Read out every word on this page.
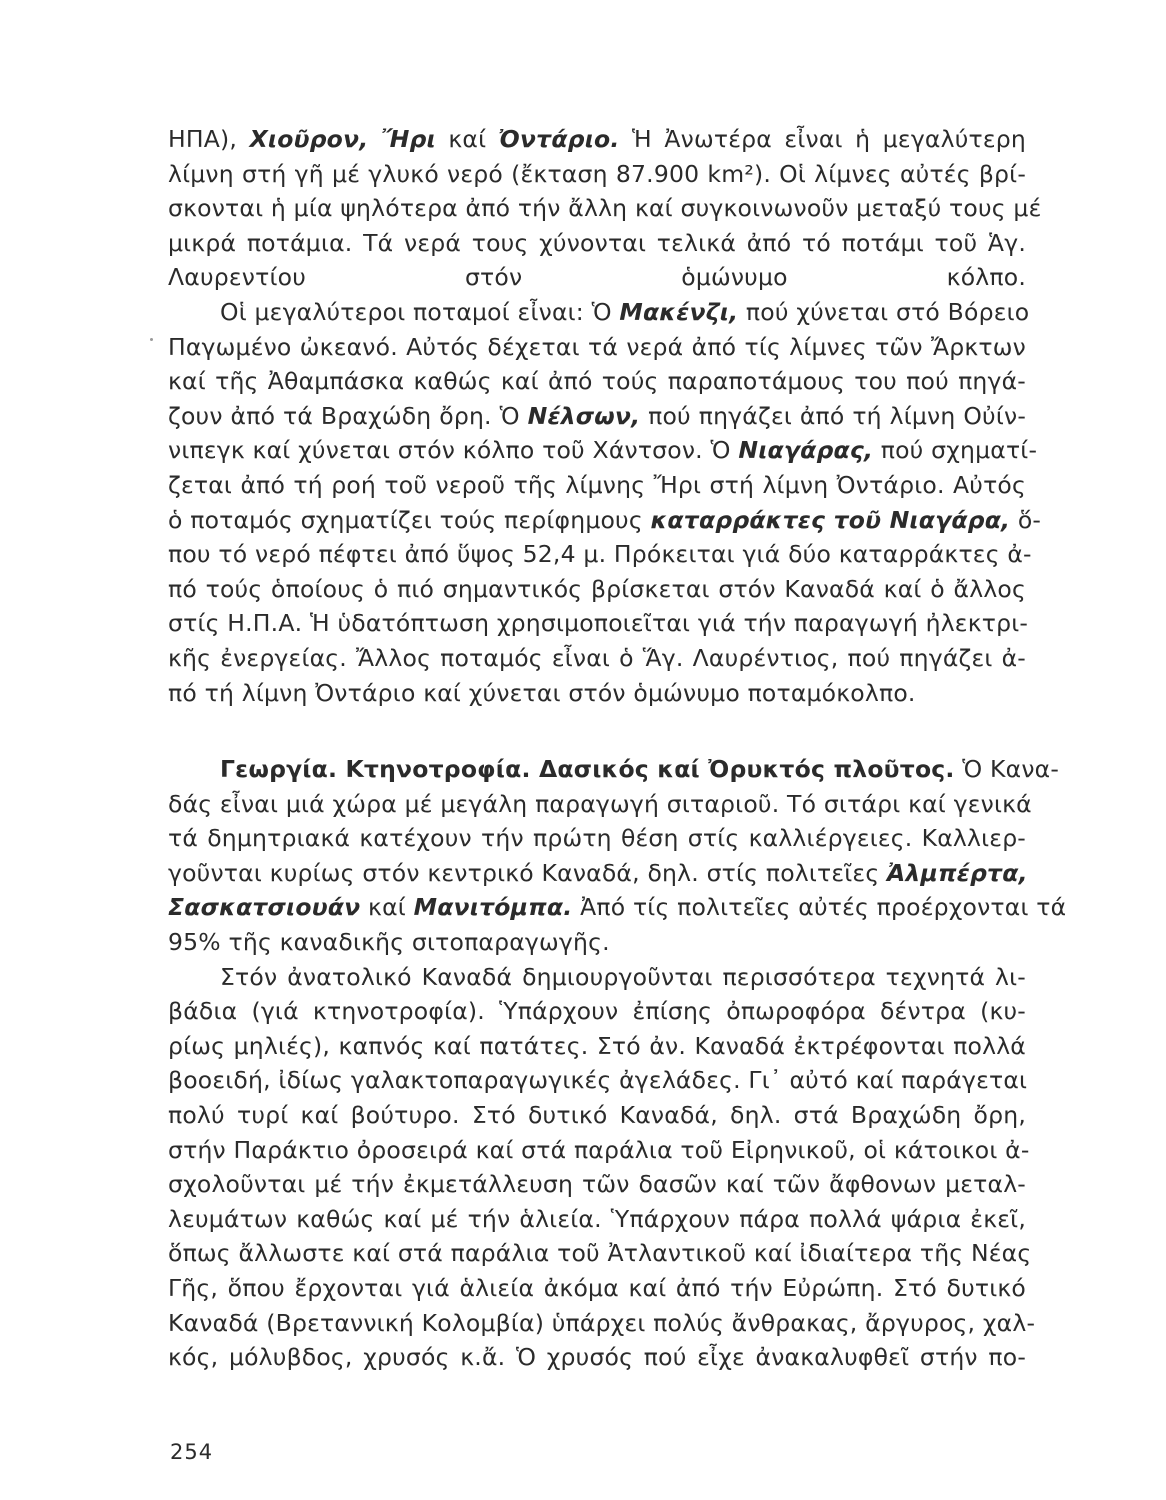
ΗΠΑ), Χιοῦρον, Ἤρι καί Ὀντάριο. Ἡ Ἀνωτέρα εἶναι ἡ μεγαλύτερη
λίμνη στή γῆ μέ γλυκό νερό (ἔκταση 87.900 km²). Οἱ λίμνες αὐτές βρί-
σκονται ἡ μία ψηλότερα ἀπό τήν ἄλλη καί συγκοινωνοῦν μεταξύ τους μέ
μικρά ποτάμια. Τά νερά τους χύνονται τελικά ἀπό τό ποτάμι τοῦ Ἁγ.
Λαυρεντίου στόν ὁμώνυμο κόλπο.

Οἱ μεγαλύτεροι ποταμοί εἶναι: Ὁ Μακένζι, πού χύνεται στό Βόρειο
Παγωμένο ὠκεανό. Αὐτός δέχεται τά νερά ἀπό τίς λίμνες τῶν Ἄρκτων
καί τῆς Ἀθαμπάσκα καθώς καί ἀπό τούς παραποτάμους του πού πηγά-
ζουν ἀπό τά Βραχώδη ὄρη. Ὁ Νέλσων, πού πηγάζει ἀπό τή λίμνη Οὐίν-
νιπεγκ καί χύνεται στόν κόλπο τοῦ Χάντσον. Ὁ Νιαγάρας, πού σχηματί-
ζεται ἀπό τή ροή τοῦ νεροῦ τῆς λίμνης Ἤρι στή λίμνη Ὀντάριο. Αὐτός
ὁ ποταμός σχηματίζει τούς περίφημους καταρράκτες τοῦ Νιαγάρα, ὅ-
που τό νερό πέφτει ἀπό ὕψος 52,4 μ. Πρόκειται γιά δύο καταρράκτες ἀ-
πό τούς ὁποίους ὁ πιό σημαντικός βρίσκεται στόν Καναδά καί ὁ ἄλλος
στίς Η.Π.Α. Ἡ ὑδατόπτωση χρησιμοποιεῖται γιά τήν παραγωγή ἠλεκτρι-
κῆς ἐνεργείας. Ἄλλος ποταμός εἶναι ὁ Ἅγ. Λαυρέντιος, πού πηγάζει ἀ-
πό τή λίμνη Ὀντάριο καί χύνεται στόν ὁμώνυμο ποταμόκολπο.

Γεωργία. Κτηνοτροφία. Δασικός καί Ὀρυκτός πλοῦτος. Ὁ Κανα-
δάς εἶναι μιά χώρα μέ μεγάλη παραγωγή σιταριοῦ. Τό σιτάρι καί γενικά
τά δημητριακά κατέχουν τήν πρώτη θέση στίς καλλιέργειες. Καλλιερ-
γοῦνται κυρίως στόν κεντρικό Καναδά, δηλ. στίς πολιτεῖες Ἀλμπέρτα,
Σασκατσιουάν καί Μανιτόμπα. Ἀπό τίς πολιτεῖες αὐτές προέρχονται τά
95% τῆς καναδικῆς σιτοπαραγωγῆς.

Στόν ἀνατολικό Καναδά δημιουργοῦνται περισσότερα τεχνητά λι-
βάδια (γιά κτηνοτροφία). Ὑπάρχουν ἐπίσης ὀπωροφόρα δέντρα (κυ-
ρίως μηλιές), καπνός καί πατάτες. Στό ἀν. Καναδά ἐκτρέφονται πολλά
βοοειδή, ἰδίως γαλακτοπαραγωγικές ἀγελάδες. Γι᾽ αὐτό καί παράγεται
πολύ τυρί καί βούτυρο. Στό δυτικό Καναδά, δηλ. στά Βραχώδη ὄρη,
στήν Παράκτιο ὀροσειρά καί στά παράλια τοῦ Εἰρηνικοῦ, οἱ κάτοικοι ἀ-
σχολοῦνται μέ τήν ἐκμετάλλευση τῶν δασῶν καί τῶν ἄφθονων μεταλ-
λευμάτων καθώς καί μέ τήν ἁλιεία. Ὑπάρχουν πάρα πολλά ψάρια ἐκεῖ,
ὅπως ἄλλωστε καί στά παράλια τοῦ Ἀτλαντικοῦ καί ἰδιαίτερα τῆς Νέας
Γῆς, ὅπου ἔρχονται γιά ἁλιεία ἀκόμα καί ἀπό τήν Εὐρώπη. Στό δυτικό
Καναδά (Βρεταννική Κολομβία) ὑπάρχει πολύς ἄνθρακας, ἄργυρος, χαλ-
κός, μόλυβδος, χρυσός κ.ἄ. Ὁ χρυσός πού εἶχε ἀνακαλυφθεῖ στήν πο-

254
